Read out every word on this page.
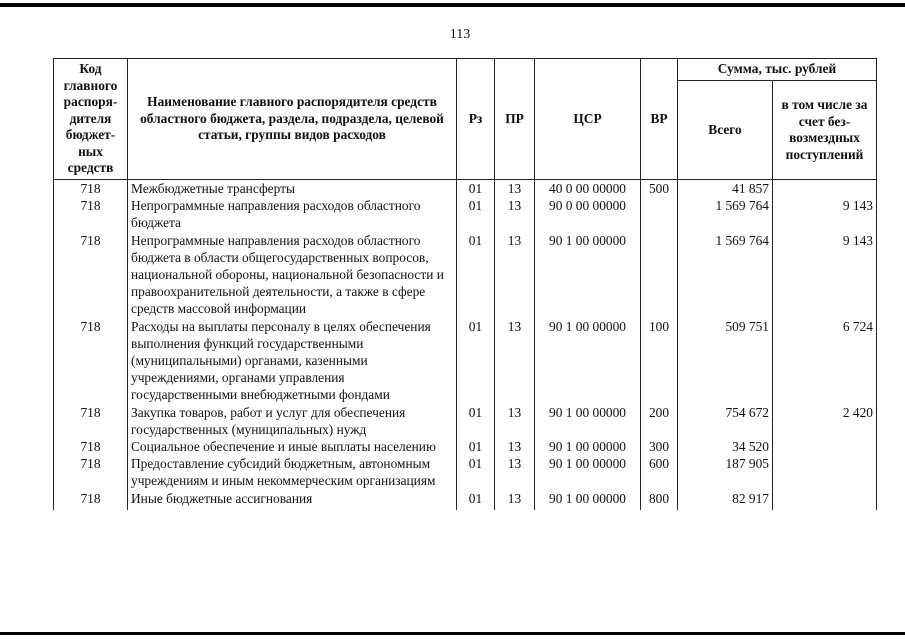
113
Код главного распоря-дителя бюджет-ных средств	Наименование главного распорядителя средств областного бюджета, раздела, подраздела, целевой статьи, группы видов расходов	Рз	ПР	ЦСР	ВР	Сумма, тыс. рублей	
						Всего	в том числе за счет без-возмездных поступлений
718	Межбюджетные трансферты	01	13	40 0 00 00000	500	41 857	
718	Непрограммные направления расходов областного бюджета	01	13	90 0 00 00000		1 569 764	9 143
718	Непрограммные направления расходов областного бюджета в области общегосударственных вопросов, национальной обороны, национальной безопасности и правоохранительной деятельности, а также в сфере средств массовой информации	01	13	90 1 00 00000		1 569 764	9 143
718	Расходы на выплаты персоналу в целях обеспечения выполнения функций государственными (муниципальными) органами, казенными учреждениями, органами управления государственными внебюджетными фондами	01	13	90 1 00 00000	100	509 751	6 724
718	Закупка товаров, работ и услуг для обеспечения государственных (муниципальных) нужд	01	13	90 1 00 00000	200	754 672	2 420
718	Социальное обеспечение и иные выплаты населению	01	13	90 1 00 00000	300	34 520	
718	Предоставление субсидий бюджетным, автономным учреждениям и иным некоммерческим организациям	01	13	90 1 00 00000	600	187 905	
718	Иные бюджетные ассигнования	01	13	90 1 00 00000	800	82 917	
